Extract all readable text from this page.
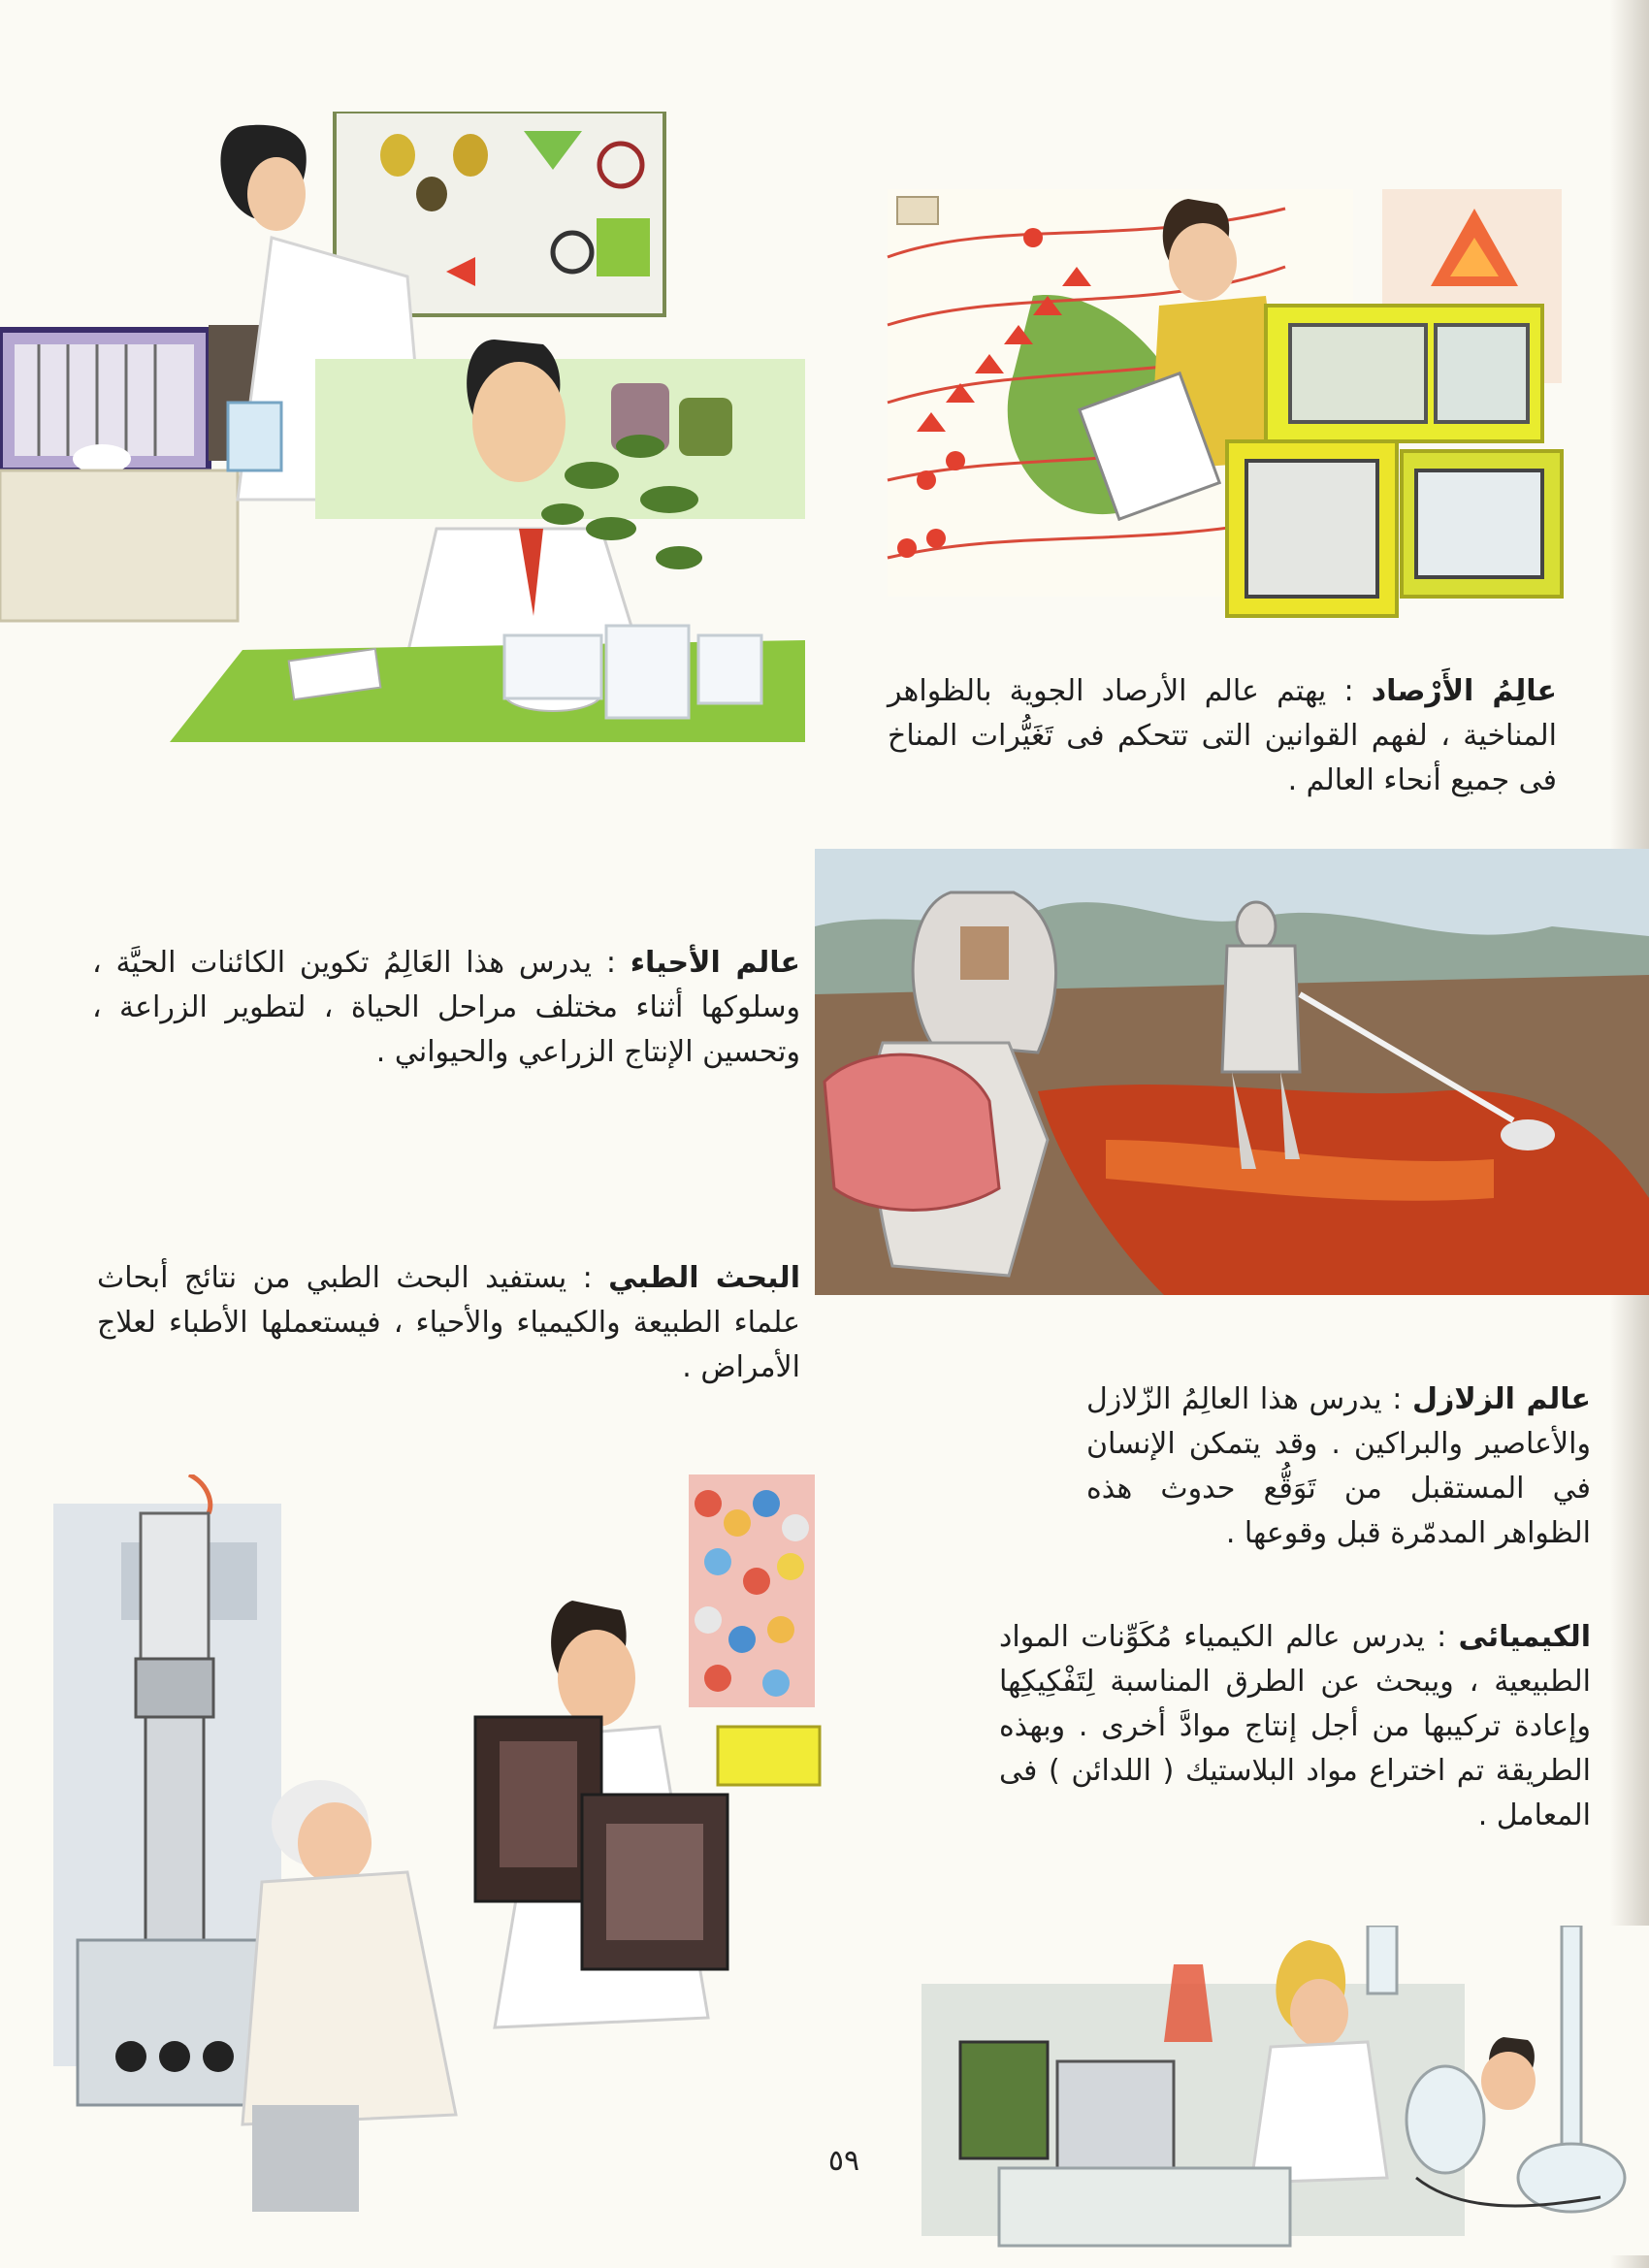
عالِمُ الأَرْصاد : يهتم عالم الأرصاد الجوية بالظواهر المناخية ، لفهم القوانين التى تتحكم فى تَغَيُّرات المناخ فى جميع أنحاء العالم .
عالم الأحياء : يدرس هذا العَالِمُ تكوين الكائنات الحيَّة ، وسلوكها أثناء مختلف مراحل الحياة ، لتطوير الزراعة ، وتحسين الإنتاج الزراعي والحيواني .
البحث الطبي : يستفيد البحث الطبي من نتائج أبحاث علماء الطبيعة والكيمياء والأحياء ، فيستعملها الأطباء لعلاج الأمراض .
عالم الزلازل : يدرس هذا العالِمُ الزّلازل والأعاصير والبراكين . وقد يتمكن الإنسان في المستقبل من تَوَقُّع حدوث هذه الظواهر المدمّرة قبل وقوعها .
الكيميائى : يدرس عالم الكيمياء مُكَوِّنات المواد الطبيعية ، ويبحث عن الطرق المناسبة لِتَفْكِيكِها وإعادة تركيبها من أجل إنتاج موادَّ أخرى . وبهذه الطريقة تم اختراع مواد البلاستيك ( اللدائن ) فى المعامل .
٥٩
